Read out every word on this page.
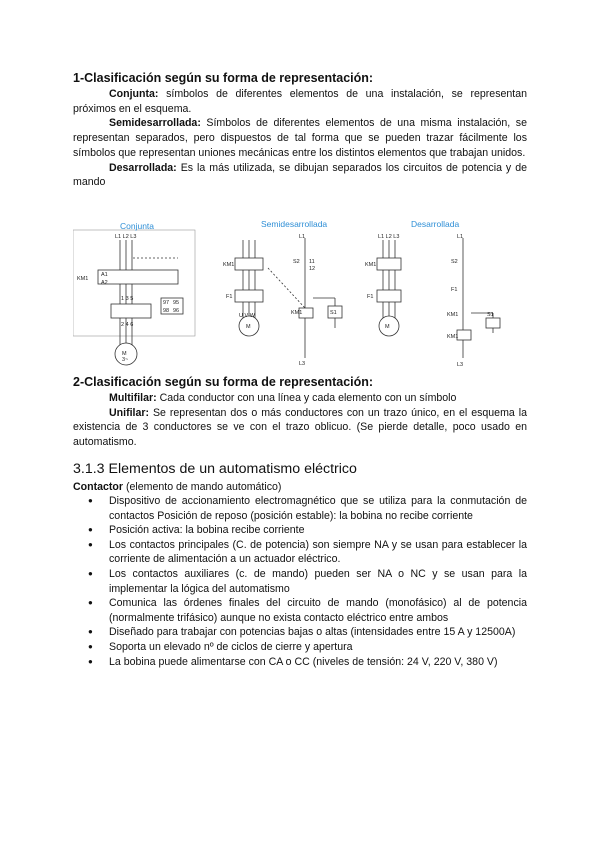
1-Clasificación según su forma de representación:

Conjunta: símbolos de diferentes elementos de una instalación, se representan próximos en el esquema.

Semidesarrollada: Símbolos de diferentes elementos de una misma instalación, se representan separados, pero dispuestos de tal forma que se pueden trazar fácilmente los símbolos que representan uniones mecánicas entre los distintos elementos que trabajan unidos.

Desarrollada: Es la más utilizada, se dibujan separados los circuitos de potencia y de mando

Conjunta	Semidesarrollada	Desarrollada
L1 L2 L3
KM1
A1
A2
1 3 5
2 4 6
97
98
95
96
M
3~
KM1
F1
U V W
M
L1
S2 11
12
KM1	S1
L3
L1 L2 L3
KM1
F1
M
L1
S2
F1
KM1	S1
KM1
L3
2-Clasificación según su forma de representación:

Multifilar: Cada conductor con una línea y cada elemento con un símbolo

Unifilar: Se representan dos o más conductores con un trazo único, en el esquema la existencia de 3 conductores se ve con el trazo oblicuo. (Se pierde detalle, poco usado en automatismo.

3.1.3 Elementos de un automatismo eléctrico
Contactor (elemento de mando automático)
● Dispositivo de accionamiento electromagnético que se utiliza para la conmutación de contactos Posición de reposo (posición estable): la bobina no recibe corriente
● Posición activa: la bobina recibe corriente
● Los contactos principales (C. de potencia) son siempre NA y se usan para establecer la corriente de alimentación a un actuador eléctrico.
● Los contactos auxiliares (c. de mando) pueden ser NA o NC y se usan para la implementar la lógica del automatismo
● Comunica las órdenes finales del circuito de mando (monofásico) al de potencia (normalmente trifásico) aunque no exista contacto eléctrico entre ambos
● Diseñado para trabajar con potencias bajas o altas (intensidades entre 15 A y 12500A)
● Soporta un elevado nº de ciclos de cierre y apertura
● La bobina puede alimentarse con CA o CC (niveles de tensión: 24 V, 220 V, 380 V)
